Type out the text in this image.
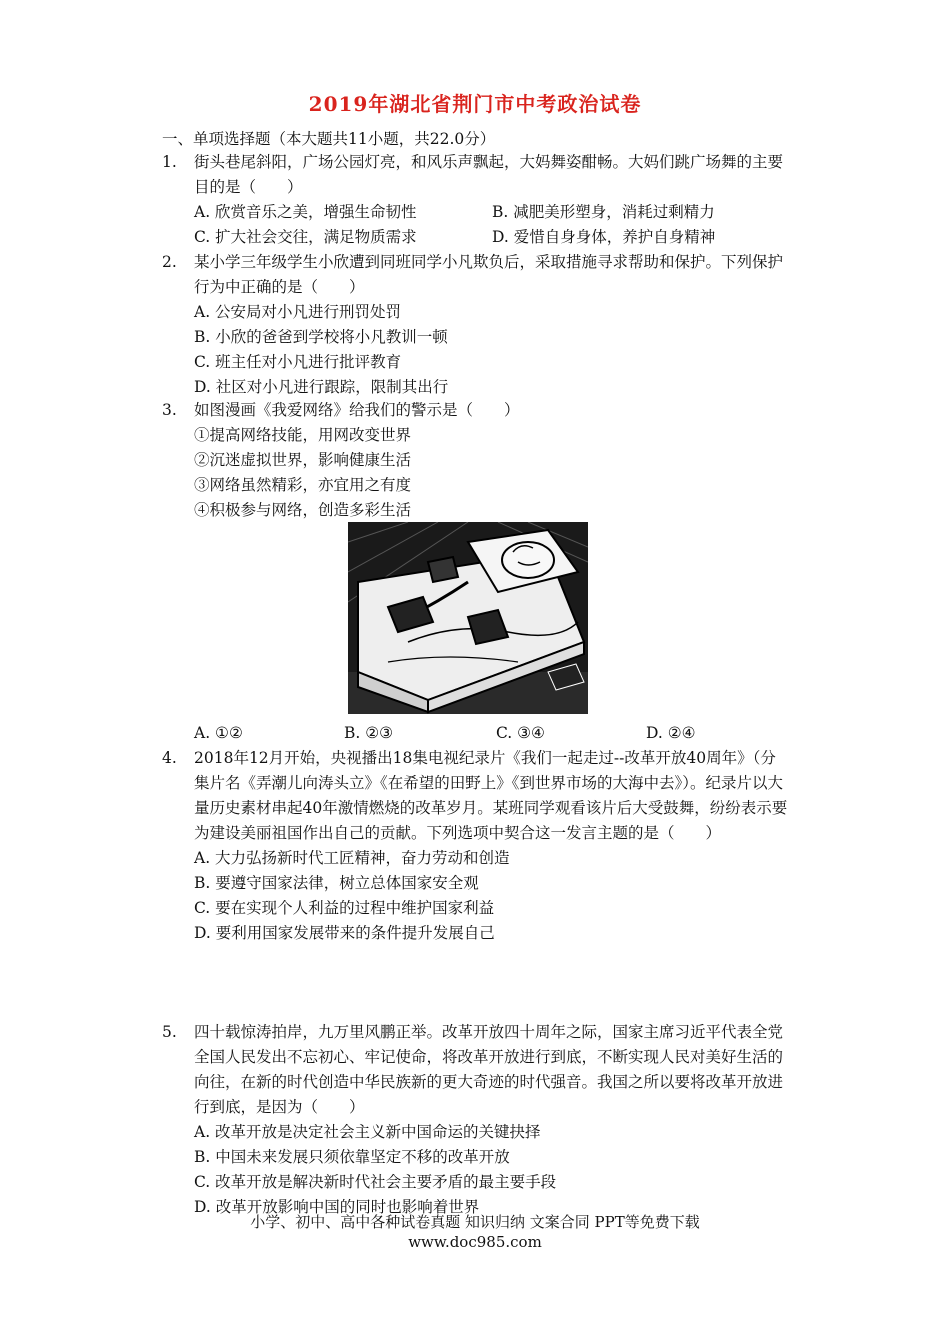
2019年湖北省荆门市中考政治试卷
一、单项选择题（本大题共11小题，共22.0分）
1. 街头巷尾斜阳，广场公园灯亮，和风乐声飘起，大妈舞姿酣畅。大妈们跳广场舞的主要目的是（　　）
A. 欣赏音乐之美，增强生命韧性	B. 减肥美形塑身，消耗过剩精力
C. 扩大社会交往，满足物质需求	D. 爱惜自身身体，养护自身精神
2. 某小学三年级学生小欣遭到同班同学小凡欺负后，采取措施寻求帮助和保护。下列保护行为中正确的是（　　）
A. 公安局对小凡进行刑罚处罚
B. 小欣的爸爸到学校将小凡教训一顿
C. 班主任对小凡进行批评教育
D. 社区对小凡进行跟踪，限制其出行
3. 如图漫画《我爱网络》给我们的警示是（　　）
①提高网络技能，用网改变世界
②沉迷虚拟世界，影响健康生活
③网络虽然精彩，亦宜用之有度
④积极参与网络，创造多彩生活
A. ①②	B. ②③	C. ③④	D. ②④
4. 2018年12月开始，央视播出18集电视纪录片《我们一起走过--改革开放40周年》（分集片名《弄潮儿向涛头立》《在希望的田野上》《到世界市场的大海中去》）。纪录片以大量历史素材串起40年激情燃烧的改革岁月。某班同学观看该片后大受鼓舞，纷纷表示要为建设美丽祖国作出自己的贡献。下列选项中契合这一发言主题的是（　　）
A. 大力弘扬新时代工匠精神，奋力劳动和创造
B. 要遵守国家法律，树立总体国家安全观
C. 要在实现个人利益的过程中维护国家利益
D. 要利用国家发展带来的条件提升发展自己
5. 四十载惊涛拍岸，九万里风鹏正举。改革开放四十周年之际，国家主席习近平代表全党全国人民发出不忘初心、牢记使命，将改革开放进行到底，不断实现人民对美好生活的向往，在新的时代创造中华民族新的更大奇迹的时代强音。我国之所以要将改革开放进行到底，是因为（　　）
A. 改革开放是决定社会主义新中国命运的关键抉择
B. 中国未来发展只须依靠坚定不移的改革开放
C. 改革开放是解决新时代社会主要矛盾的最主要手段
D. 改革开放影响中国的同时也影响着世界
小学、初中、高中各种试卷真题 知识归纳 文案合同 PPT等免费下载
www.doc985.com
